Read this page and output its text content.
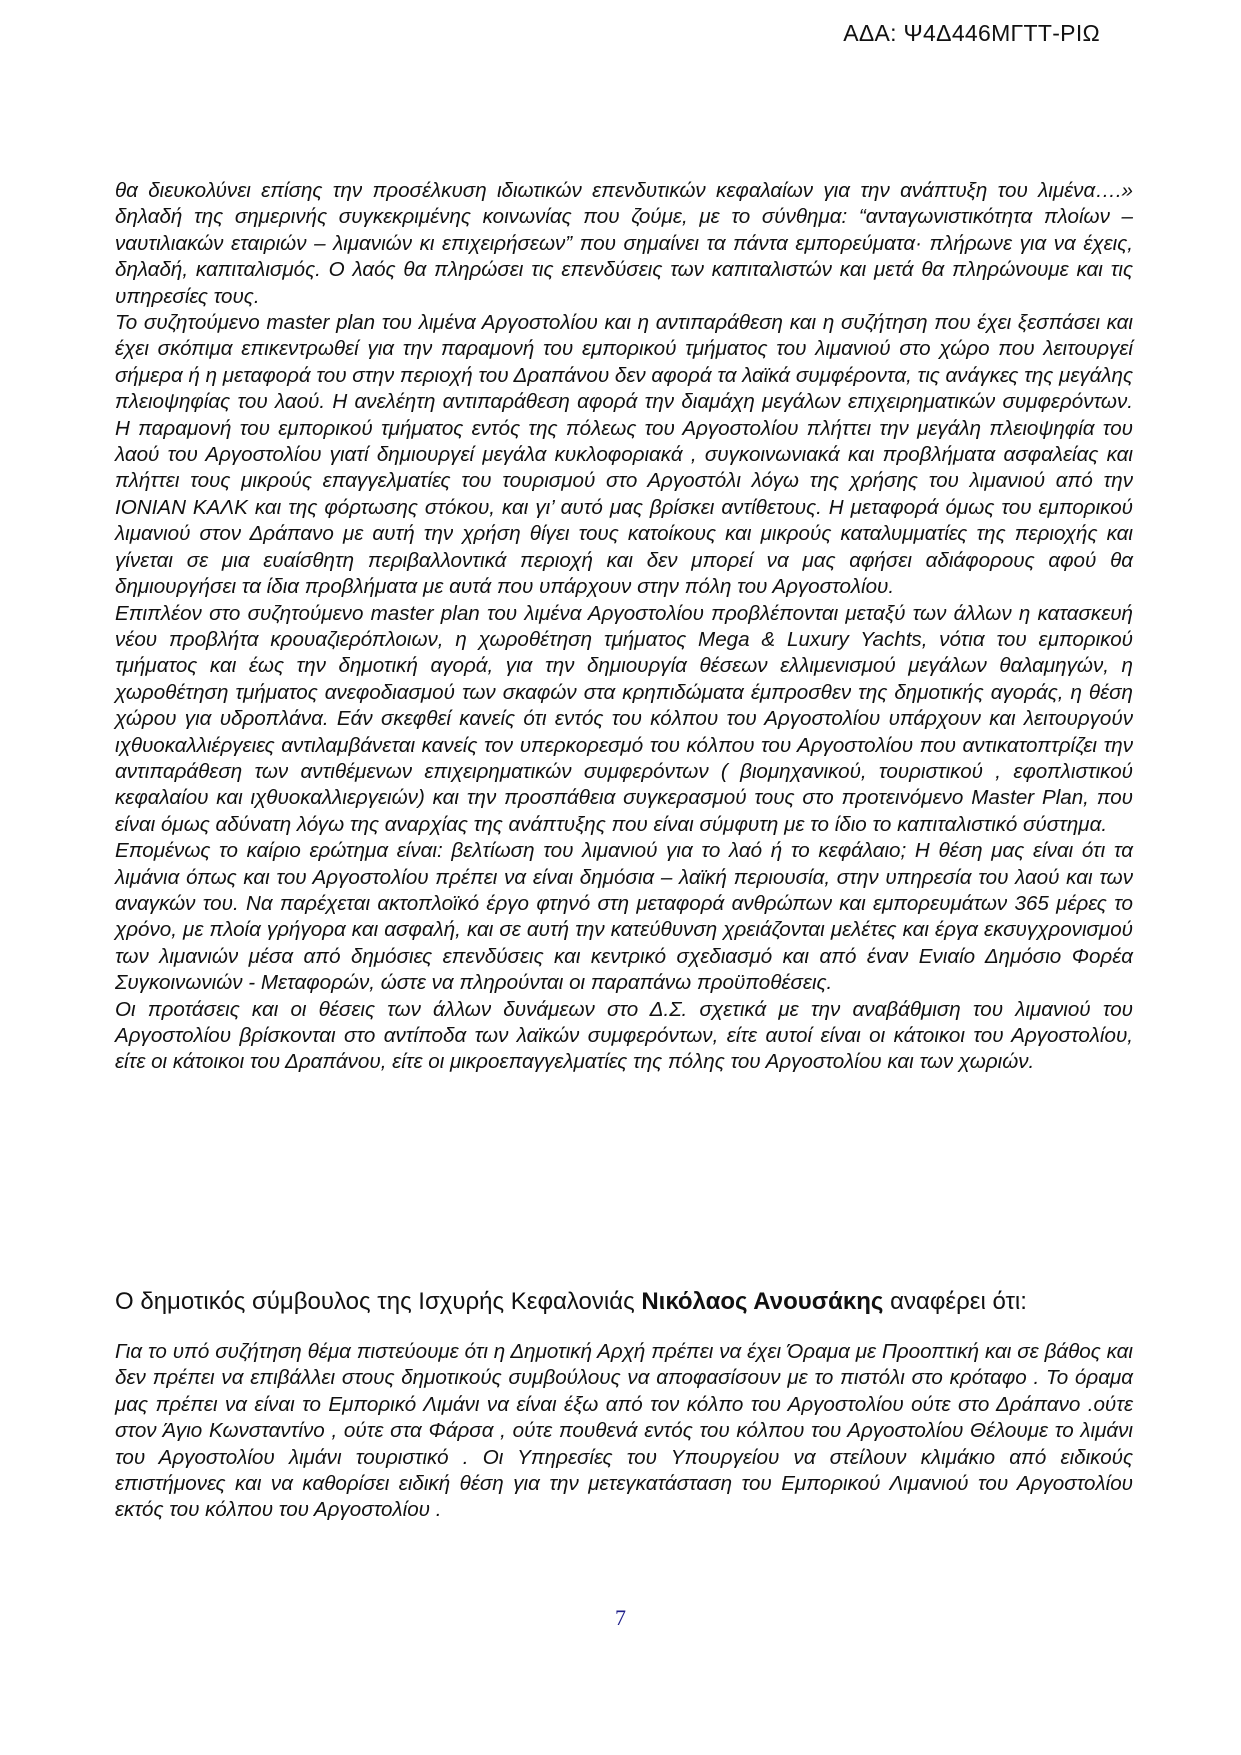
ΑΔΑ: Ψ4Δ446ΜΓΤΤ-ΡΙΩ

θα διευκολύνει επίσης την προσέλκυση ιδιωτικών επενδυτικών κεφαλαίων για την ανάπτυξη του λιμένα….» δηλαδή της σημερινής συγκεκριμένης κοινωνίας που ζούμε, με το σύνθημα: “ανταγωνιστικότητα πλοίων – ναυτιλιακών εταιριών – λιμανιών κι επιχειρήσεων” που σημαίνει τα πάντα εμπορεύματα· πλήρωνε για να έχεις, δηλαδή, καπιταλισμός. Ο λαός θα πληρώσει τις επενδύσεις των καπιταλιστών και μετά θα πληρώνουμε και τις υπηρεσίες τους.

Το συζητούμενο master plan του λιμένα Αργοστολίου και η αντιπαράθεση και η συζήτηση που έχει ξεσπάσει και έχει σκόπιμα επικεντρωθεί για την παραμονή του εμπορικού τμήματος του λιμανιού στο χώρο που λειτουργεί σήμερα ή η μεταφορά του στην περιοχή του Δραπάνου δεν αφορά τα λαϊκά συμφέροντα, τις ανάγκες της μεγάλης πλειοψηφίας του λαού. Η ανελέητη αντιπαράθεση αφορά την διαμάχη μεγάλων επιχειρηματικών συμφερόντων. Η παραμονή του εμπορικού τμήματος εντός της πόλεως του Αργοστολίου πλήττει την μεγάλη πλειοψηφία του λαού του Αργοστολίου γιατί δημιουργεί μεγάλα κυκλοφοριακά , συγκοινωνιακά και προβλήματα ασφαλείας και πλήττει τους μικρούς επαγγελματίες του τουρισμού στο Αργοστόλι λόγω της χρήσης του λιμανιού από την ΙΟΝΙΑΝ ΚΑΛΚ και της φόρτωσης στόκου, και γι’ αυτό μας βρίσκει αντίθετους. Η μεταφορά όμως του εμπορικού λιμανιού στον Δράπανο με αυτή την χρήση θίγει τους κατοίκους και μικρούς καταλυμματίες της περιοχής και γίνεται σε μια ευαίσθητη περιβαλλοντικά περιοχή και δεν μπορεί να μας αφήσει αδιάφορους αφού θα δημιουργήσει τα ίδια προβλήματα με αυτά που υπάρχουν στην πόλη του Αργοστολίου.

Επιπλέον στο συζητούμενο master plan του λιμένα Αργοστολίου προβλέπονται μεταξύ των άλλων η κατασκευή νέου προβλήτα κρουαζιερόπλοιων, η χωροθέτηση τμήματος Mega & Luxury Yachts, νότια του εμπορικού τμήματος και έως την δημοτική αγορά, για την δημιουργία θέσεων ελλιμενισμού μεγάλων θαλαμηγών, η χωροθέτηση τμήματος ανεφοδιασμού των σκαφών στα κρηπιδώματα έμπροσθεν της δημοτικής αγοράς, η θέση χώρου για υδροπλάνα. Εάν σκεφθεί κανείς ότι εντός του κόλπου του Αργοστολίου υπάρχουν και λειτουργούν ιχθυοκαλλιέργειες αντιλαμβάνεται κανείς τον υπερκορεσμό του κόλπου του Αργοστολίου που αντικατοπτρίζει την αντιπαράθεση των αντιθέμενων επιχειρηματικών συμφερόντων ( βιομηχανικού, τουριστικού , εφοπλιστικού κεφαλαίου και ιχθυοκαλλιεργειών) και την προσπάθεια συγκερασμού τους στο προτεινόμενο Master Plan, που είναι όμως αδύνατη λόγω της αναρχίας της ανάπτυξης που είναι σύμφυτη με το ίδιο το καπιταλιστικό σύστημα.

Επομένως το καίριο ερώτημα είναι: βελτίωση του λιμανιού για το λαό ή το κεφάλαιο; Η θέση μας είναι ότι τα λιμάνια όπως και του Αργοστολίου πρέπει να είναι δημόσια – λαϊκή περιουσία, στην υπηρεσία του λαού και των αναγκών του. Να παρέχεται ακτοπλοϊκό έργο φτηνό στη μεταφορά ανθρώπων και εμπορευμάτων 365 μέρες το χρόνο, με πλοία γρήγορα και ασφαλή, και σε αυτή την κατεύθυνση χρειάζονται μελέτες και έργα εκσυγχρονισμού των λιμανιών μέσα από δημόσιες επενδύσεις και κεντρικό σχεδιασμό και από έναν Ενιαίο Δημόσιο Φορέα Συγκοινωνιών - Μεταφορών, ώστε να πληρούνται οι παραπάνω προϋποθέσεις.

Οι προτάσεις και οι θέσεις των άλλων δυνάμεων στο Δ.Σ. σχετικά με την αναβάθμιση του λιμανιού του Αργοστολίου βρίσκονται στο αντίποδα των λαϊκών συμφερόντων, είτε αυτοί είναι οι κάτοικοι του Αργοστολίου, είτε οι κάτοικοι του Δραπάνου, είτε οι μικροεπαγγελματίες της πόλης του Αργοστολίου και των χωριών.

Ο δημοτικός σύμβουλος της Ισχυρής Κεφαλονιάς Νικόλαος Ανουσάκης αναφέρει ότι:

Για το υπό συζήτηση θέμα πιστεύουμε ότι η Δημοτική Αρχή πρέπει να έχει Όραμα με Προοπτική και σε βάθος και δεν πρέπει να επιβάλλει στους δημοτικούς συμβούλους να αποφασίσουν με το πιστόλι στο κρόταφο . Το όραμα μας πρέπει να είναι το Εμπορικό Λιμάνι να είναι έξω από τον κόλπο του Αργοστολίου ούτε στο Δράπανο .ούτε στον Άγιο Κωνσταντίνο , ούτε στα Φάρσα , ούτε πουθενά εντός του κόλπου του Αργοστολίου Θέλουμε το λιμάνι του Αργοστολίου λιμάνι τουριστικό . Οι Υπηρεσίες του Υπουργείου να στείλουν κλιμάκιο από ειδικούς επιστήμονες και να καθορίσει ειδική θέση για την μετεγκατάσταση του Εμπορικού Λιμανιού του Αργοστολίου εκτός του κόλπου του Αργοστολίου .

7
